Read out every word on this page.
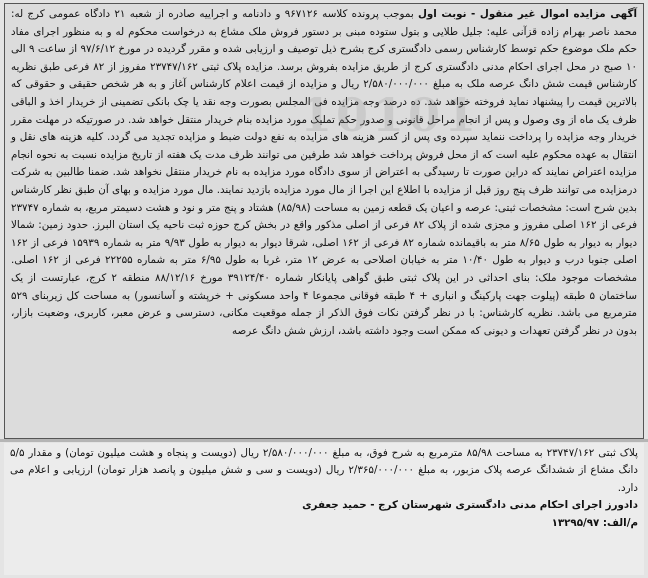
آگهی مزایده اموال غیر منقول - نوبت اول بموجب پرونده کلاسه ۹۶۷۱۲۶ و دادنامه و اجراییه صادره از شعبه ۲۱ دادگاه عمومی کرج له: محمد ناصر بهرام زاده قزآنی علیه: جلیل طلایی و بتول ستوده مبنی بر دستور فروش ملک مشاع به درخواست محکوم له و به منظور اجرای مفاد حکم ملک موضوع حکم توسط کارشناس رسمی دادگستری کرج بشرح ذیل توصیف و ارزیابی شده و مقرر گردیده در مورخ ۹۷/۶/۱۲ از ساعت ۹ الی ۱۰ صبح در محل اجرای احکام مدنی دادگستری کرج از طریق مزایده بفروش برسد. مزایده پلاک ثبتی ۲۳۷۴۷/۱۶۲ مفروز از ۸۲ فرعی طبق نظریه کارشناس قیمت شش دانگ عرصه ملک به مبلغ ۲/۵۸۰/۰۰۰/۰۰۰ ریال و مزایده از قیمت اعلام کارشناس آغاز و به هر شخص حقیقی و حقوقی که بالاترین قیمت را پیشنهاد نماید فروخته خواهد شد. ده درصد وجه مزایده فی المجلس بصورت وجه نقد یا چک بانکی تضمینی از خریدار اخذ و الباقی ظرف یک ماه از وی وصول و پس از انجام مراحل قانونی و صدور حکم تملیک مورد مزایده بنام خریدار منتقل خواهد شد. در صورتیکه در مهلت مقرر خریدار وجه مزایده را پرداخت ننماید سپرده وی پس از کسر هزینه های مزایده به نفع دولت ضبط و مزایده تجدید می گردد. کلیه هزینه های نقل و انتقال به عهده محکوم علیه است که از محل فروش پرداخت خواهد شد طرفین می توانند ظرف مدت یک هفته از تاریخ مزایده نسبت به نحوه انجام مزایده اعتراض نمایند که دراین صورت تا رسیدگی به اعتراض از سوی دادگاه مورد مزایده به نام خریدار منتقل نخواهد شد. ضمنا طالبین به شرکت درمزایده می توانند ظرف پنج روز قبل از مزایده با اطلاع این اجرا از مال مورد مزایده بازدید نمایند. مال مورد مزایده و بهای آن طبق نظر کارشناس بدین شرح است: مشخصات ثبتی: عرصه و اعیان یک قطعه زمین به مساحت (۸۵/۹۸) هشتاد و پنج متر و نود و هشت دسیمتر مربع، به شماره ۲۳۷۴۷ فرعی از ۱۶۲ اصلی مفروز و مجزی شده از پلاک ۸۲ فرعی از اصلی مذکور واقع در بخش کرج حوزه ثبت ناحیه یک استان البرز. حدود زمین: شمالا دیوار به دیوار به طول ۸/۶۵ متر به باقیمانده شماره ۸۲ فرعی از ۱۶۲ اصلی، شرقا دیوار به دیوار به طول ۹/۹۳ متر به شماره ۱۵۹۳۹ فرعی از ۱۶۲ اصلی جنوبا درب و دیوار به طول ۱۰/۴۰ متر به خیابان اصلاحی به عرض ۱۲ متر، غربا به طول ۶/۹۵ متر به شماره ۲۲۲۵۵ فرعی از ۱۶۲ اصلی. مشخصات موجود ملک: بنای احداثی در این پلاک ثبتی طبق گواهی پایانکار شماره ۳۹۱۲۴/۴۰ مورخ ۸۸/۱۲/۱۶ منطقه ۲ کرج، عبارتست از یک ساختمان ۵ طبقه (پیلوت جهت پارکینگ و انباری + ۴ طبقه فوقانی مجموعا ۴ واحد مسکونی + خرپشته و آسانسور) به مساحت کل زیربنای ۵۲۹ مترمربع می باشد. نظریه کارشناس: با در نظر گرفتن نکات فوق الذکر از جمله موقعیت مکانی، دسترسی و عرض معبر، کاربری، وضعیت بازار، بدون در نظر گرفتن تعهدات و دیونی که ممکن است وجود داشته باشد، ارزش شش دانگ عرصه

10101

پلاک ثبتی ۲۳۷۴۷/۱۶۲ به مساحت ۸۵/۹۸ مترمربع به شرح فوق، به مبلغ ۲/۵۸۰/۰۰۰/۰۰۰ ریال (دویست و پنجاه و هشت میلیون تومان) و مقدار ۵/۵ دانگ مشاع از ششدانگ عرصه پلاک مزبور، به مبلغ ۲/۳۶۵/۰۰۰/۰۰۰ ریال (دویست و سی و شش میلیون و پانصد هزار تومان) ارزیابی و اعلام می دارد.

دادورز اجرای احکام مدنی دادگستری شهرستان کرج - حمید جعفری

م/الف: ۱۳۲۹۵/۹۷
